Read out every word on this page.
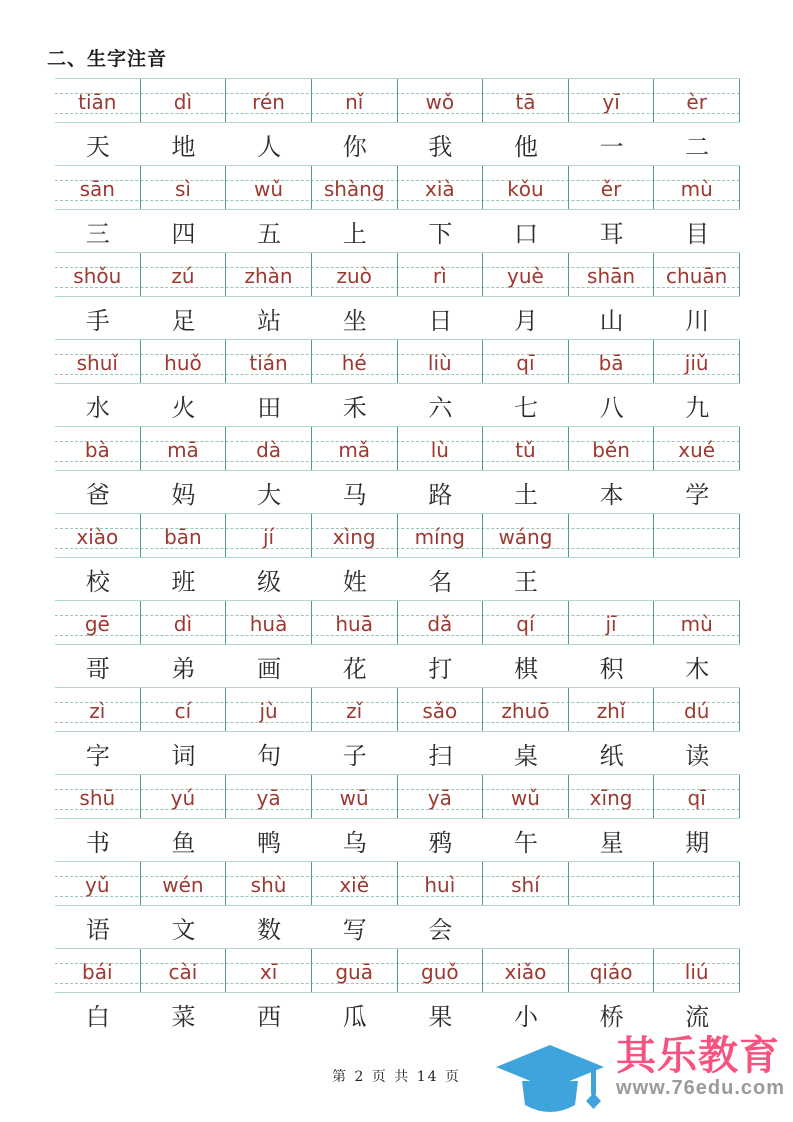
二、生字注音
tiān	dì	rén	nǐ	wǒ	tā	yī	èr
天	地	人	你	我	他	一	二
sān	sì	wǔ	shàng	xià	kǒu	ěr	mù
三	四	五	上	下	口	耳	目
shǒu	zú	zhàn	zuò	rì	yuè	shān	chuān
手	足	站	坐	日	月	山	川
shuǐ	huǒ	tián	hé	liù	qī	bā	jiǔ
水	火	田	禾	六	七	八	九
bà	mā	dà	mǎ	lù	tǔ	běn	xué
爸	妈	大	马	路	土	本	学
xiào	bān	jí	xìng	míng	wáng
校	班	级	姓	名	王
gē	dì	huà	huā	dǎ	qí	jī	mù
哥	弟	画	花	打	棋	积	木
zì	cí	jù	zǐ	sǎo	zhuō	zhǐ	dú
字	词	句	子	扫	桌	纸	读
shū	yú	yā	wū	yā	wǔ	xīng	qī
书	鱼	鸭	乌	鸦	午	星	期
yǔ	wén	shù	xiě	huì	shí
语	文	数	写	会
bái	cài	xī	guā	guǒ	xiǎo	qiáo	liú
白	菜	西	瓜	果	小	桥	流
第 2 页 共 14 页	其乐教育
www.76edu.com
